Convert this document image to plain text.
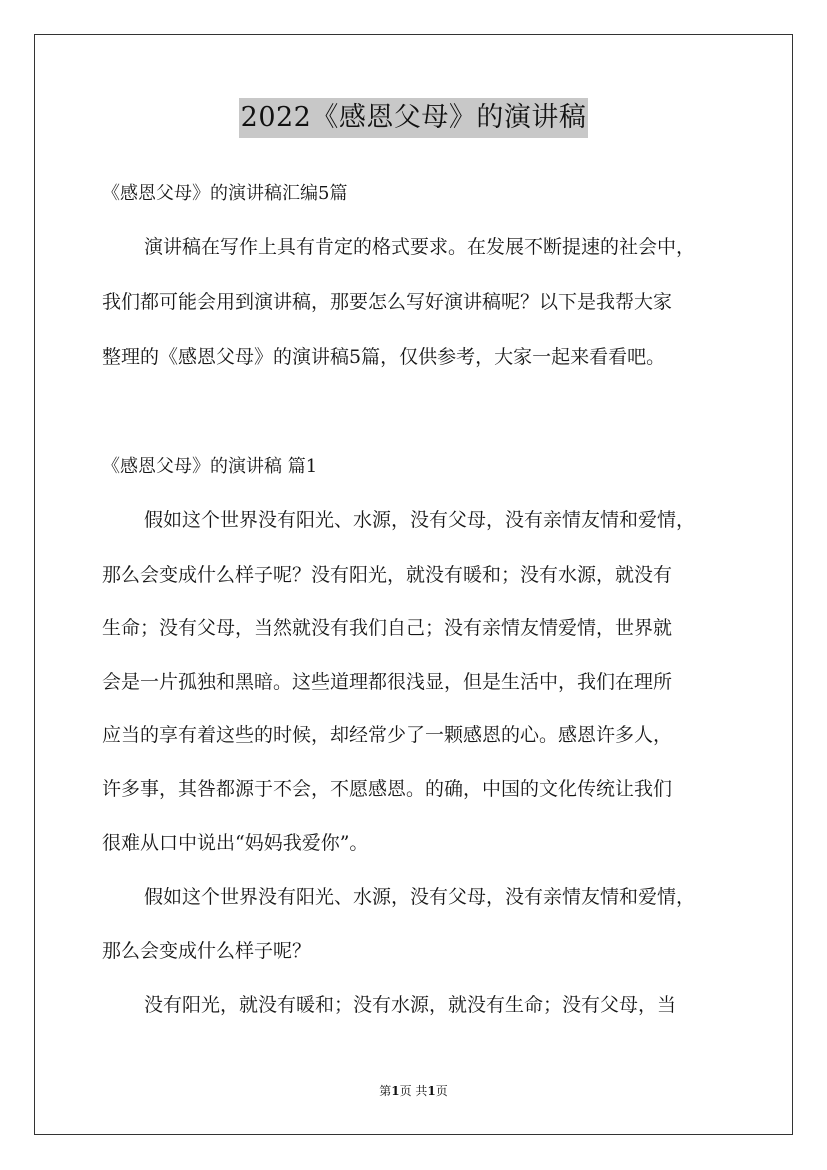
2022《感恩父母》的演讲稿
《感恩父母》的演讲稿汇编5篇
演讲稿在写作上具有肯定的格式要求。在发展不断提速的社会中，
我们都可能会用到演讲稿，那要怎么写好演讲稿呢？以下是我帮大家
整理的《感恩父母》的演讲稿5篇，仅供参考，大家一起来看看吧。
《感恩父母》的演讲稿 篇1
假如这个世界没有阳光、水源，没有父母，没有亲情友情和爱情，
那么会变成什么样子呢？没有阳光，就没有暖和；没有水源，就没有
生命；没有父母，当然就没有我们自己；没有亲情友情爱情，世界就
会是一片孤独和黑暗。这些道理都很浅显，但是生活中，我们在理所
应当的享有着这些的时候，却经常少了一颗感恩的心。感恩许多人，
许多事，其咎都源于不会，不愿感恩。的确，中国的文化传统让我们
很难从口中说出“妈妈我爱你”。
假如这个世界没有阳光、水源，没有父母，没有亲情友情和爱情，
那么会变成什么样子呢？
没有阳光，就没有暖和；没有水源，就没有生命；没有父母，当
第1页 共1页
